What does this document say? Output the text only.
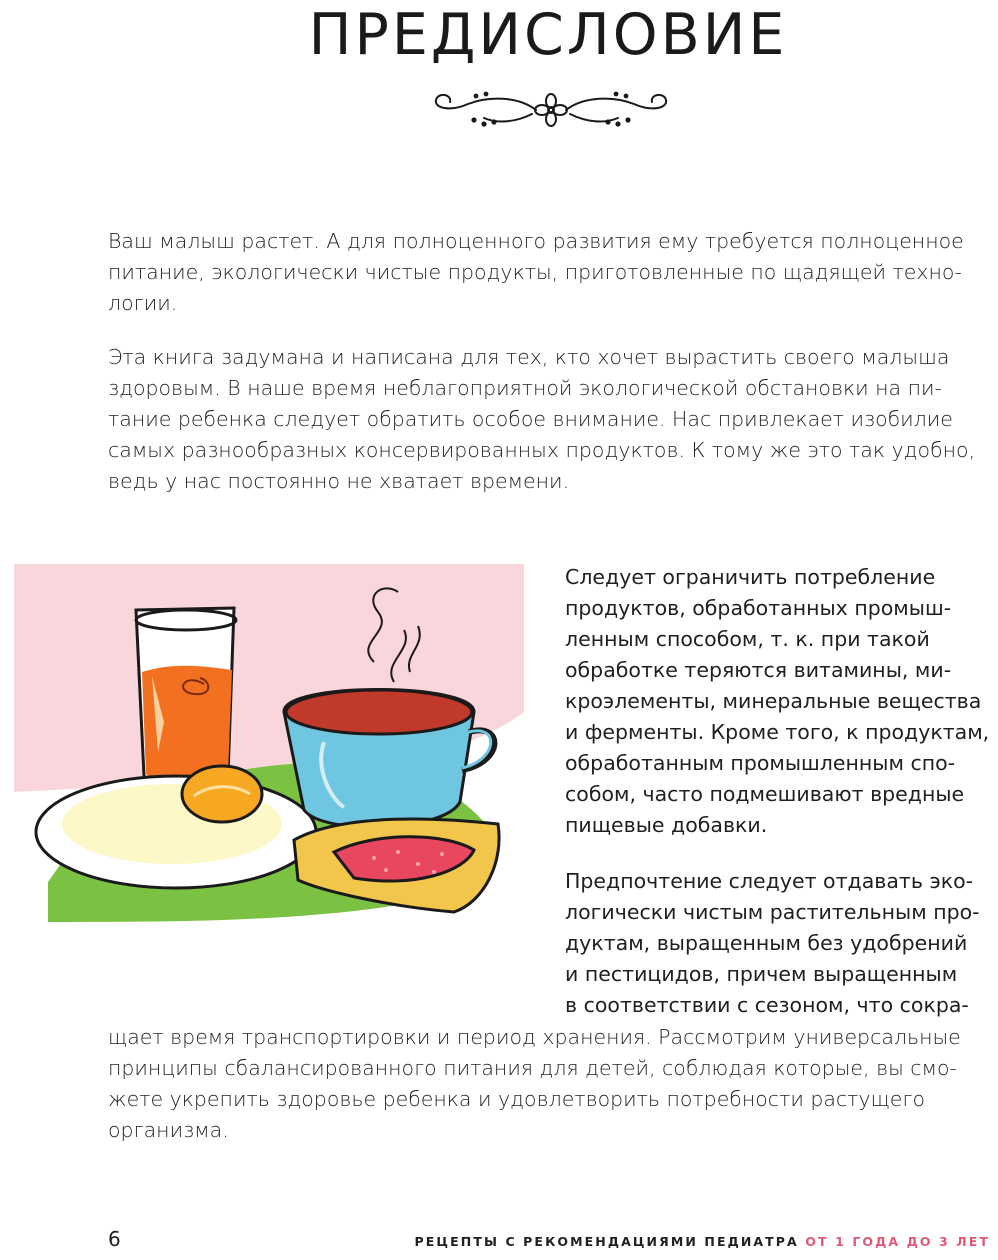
ПРЕДИСЛОВИЕ

Ваш малыш растет. А для полноценного развития ему требуется полноценное питание, экологически чистые продукты, приготовленные по щадящей техно-логии.

Эта книга задумана и написана для тех, кто хочет вырастить своего малыша здоровым. В наше время неблагоприятной экологической обстановки на пи-тание ребенка следует обратить особое внимание. Нас привлекает изобилие самых разнообразных консервированных продуктов. К тому же это так удобно, ведь у нас постоянно не хватает времени.

Следует ограничить потребление
продуктов, обработанных промыш-
ленным способом, т. к. при такой
обработке теряются витамины, ми-
кроэлементы, минеральные вещества
и ферменты. Кроме того, к продуктам,
обработанным промышленным спо-
собом, часто подмешивают вредные
пищевые добавки.

Предпочтение следует отдавать эко-
логически чистым растительным про-
дуктам, выращенным без удобрений
и пестицидов, причем выращенным
в соответствии с сезоном, что сокра-

щает время транспортировки и период хранения. Рассмотрим универсальные
принципы сбалансированного питания для детей, соблюдая которые, вы смо-
жете укрепить здоровье ребенка и удовлетворить потребности растущего
организма.

6	РЕЦЕПТЫ С РЕКОМЕНДАЦИЯМИ ПЕДИАТРА ОТ 1 ГОДА ДО 3 ЛЕТ
